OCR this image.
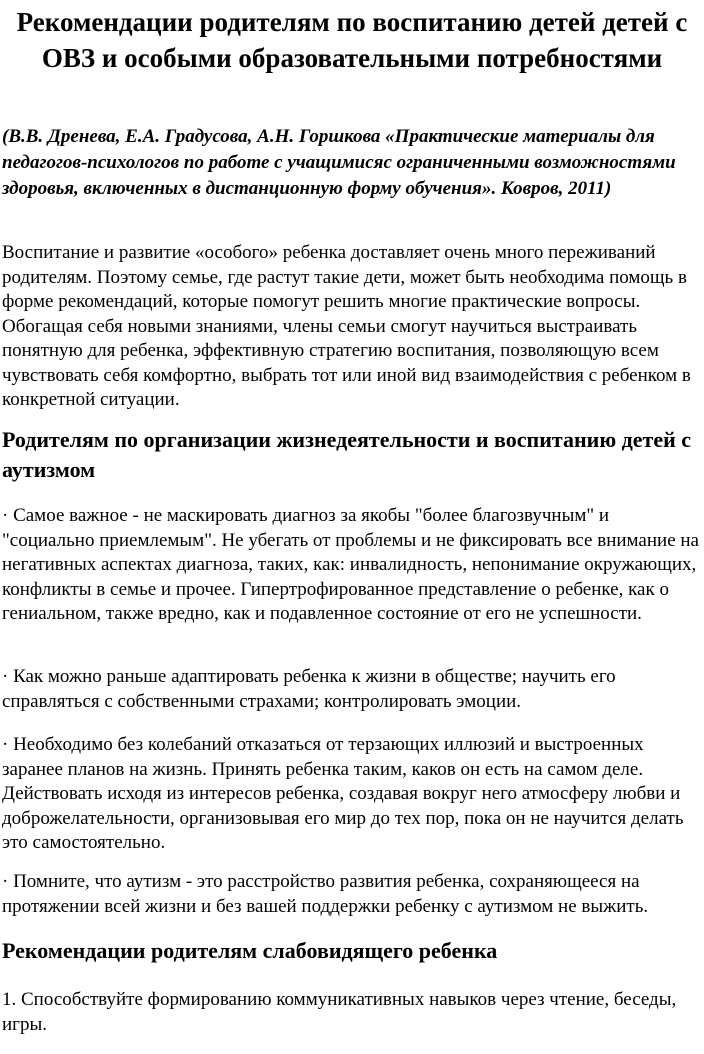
Рекомендации родителям по воспитанию детей детей с ОВЗ и особыми образовательными потребностями

(В.В. Дренева, Е.А. Градусова, А.Н. Горшкова «Практические материалы для педагогов-психологов по работе с учащимисяс ограниченными возможностями здоровья, включенных в дистанционную форму обучения». Ковров, 2011)

Воспитание и развитие «особого» ребенка доставляет очень много переживаний родителям. Поэтому семье, где растут такие дети, может быть необходима помощь в форме рекомендаций, которые помогут решить многие практические вопросы. Обогащая себя новыми знаниями, члены семьи смогут научиться выстраивать понятную для ребенка, эффективную стратегию воспитания, позволяющую всем чувствовать себя комфортно, выбрать тот или иной вид взаимодействия с ребенком в конкретной ситуации.

Родителям по организации жизнедеятельности и воспитанию детей с аутизмом

· Самое важное - не маскировать диагноз за якобы "более благозвучным" и "социально приемлемым". Не убегать от проблемы и не фиксировать все внимание на негативных аспектах диагноза, таких, как: инвалидность, непонимание окружающих, конфликты в семье и прочее. Гипертрофированное представление о ребенке, как о гениальном, также вредно, как и подавленное состояние от его не успешности.

· Как можно раньше адаптировать ребенка к жизни в обществе; научить его справляться с собственными страхами; контролировать эмоции.

· Необходимо без колебаний отказаться от терзающих иллюзий и выстроенных заранее планов на жизнь. Принять ребенка таким, каков он есть на самом деле. Действовать исходя из интересов ребенка, создавая вокруг него атмосферу любви и доброжелательности, организовывая его мир до тех пор, пока он не научится делать это самостоятельно.

· Помните, что аутизм - это расстройство развития ребенка, сохраняющееся на протяжении всей жизни и без вашей поддержки ребенку с аутизмом не выжить.

Рекомендации родителям слабовидящего ребенка

1. Способствуйте формированию коммуникативных навыков через чтение, беседы, игры.
